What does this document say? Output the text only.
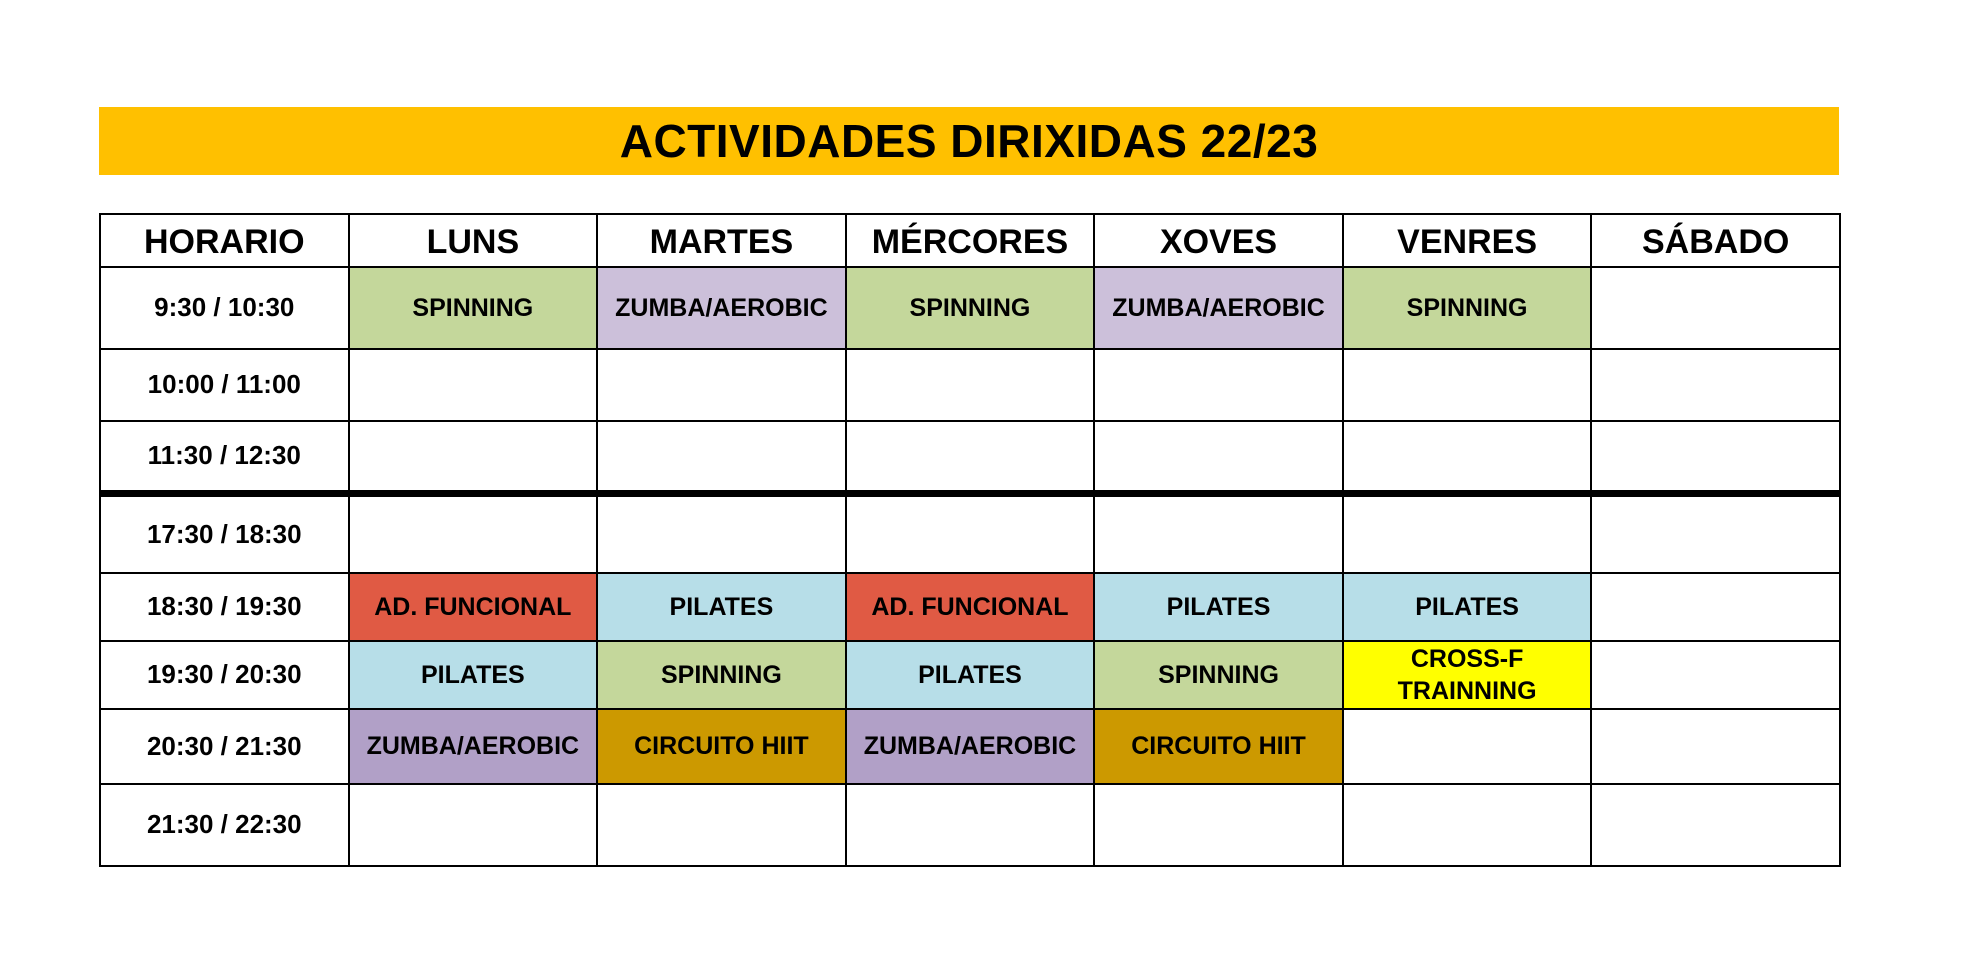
ACTIVIDADES DIRIXIDAS 22/23
HORARIO	LUNS	MARTES	MÉRCORES	XOVES	VENRES	SÁBADO
9:30 / 10:30	SPINNING	ZUMBA/AEROBIC	SPINNING	ZUMBA/AEROBIC	SPINNING	
10:00 / 11:00						
11:30 / 12:30						
17:30 / 18:30						
18:30 / 19:30	AD. FUNCIONAL	PILATES	AD. FUNCIONAL	PILATES	PILATES	
19:30 / 20:30	PILATES	SPINNING	PILATES	SPINNING	CROSS-F TRAINNING	
20:30 / 21:30	ZUMBA/AEROBIC	CIRCUITO HIIT	ZUMBA/AEROBIC	CIRCUITO HIIT		
21:30 / 22:30						
